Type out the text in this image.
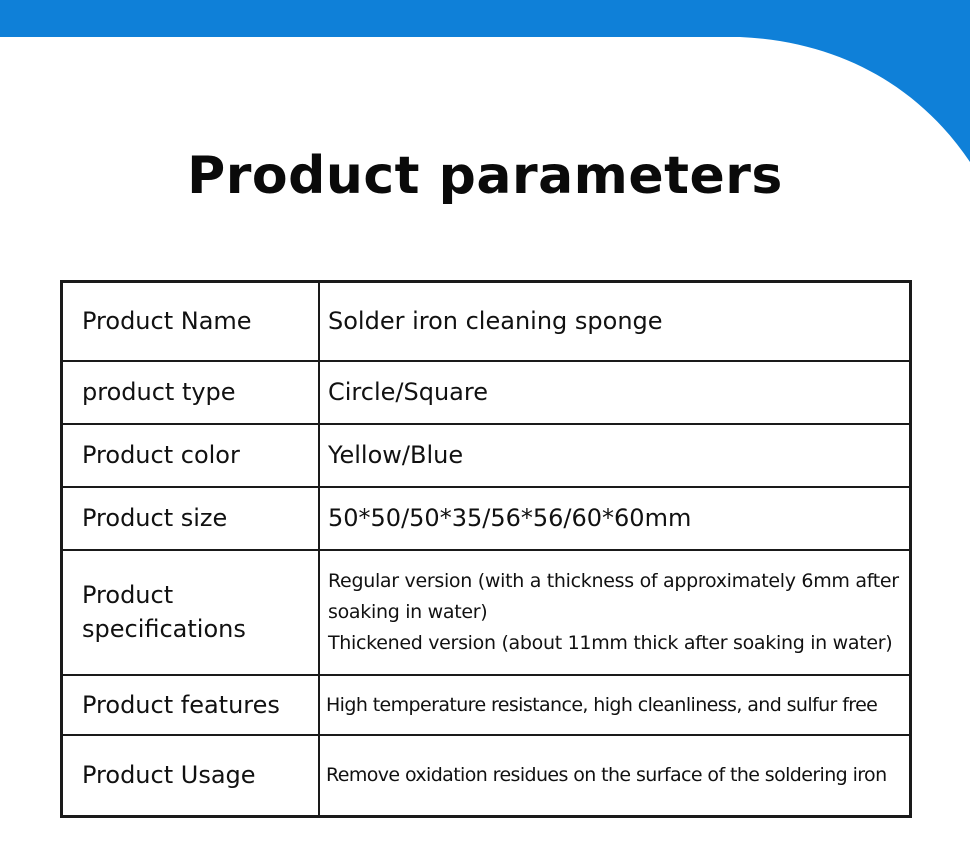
Product parameters
Product Name	Solder iron cleaning sponge
product type	Circle/Square
Product color	Yellow/Blue
Product size	50*50/50*35/56*56/60*60mm
Product specifications	Regular version (with a thickness of approximately 6mm after soaking in water)
Thickened version (about 11mm thick after soaking in water)

Product features	High temperature resistance, high cleanliness, and sulfur free
Product Usage	Remove oxidation residues on the surface of the soldering iron
